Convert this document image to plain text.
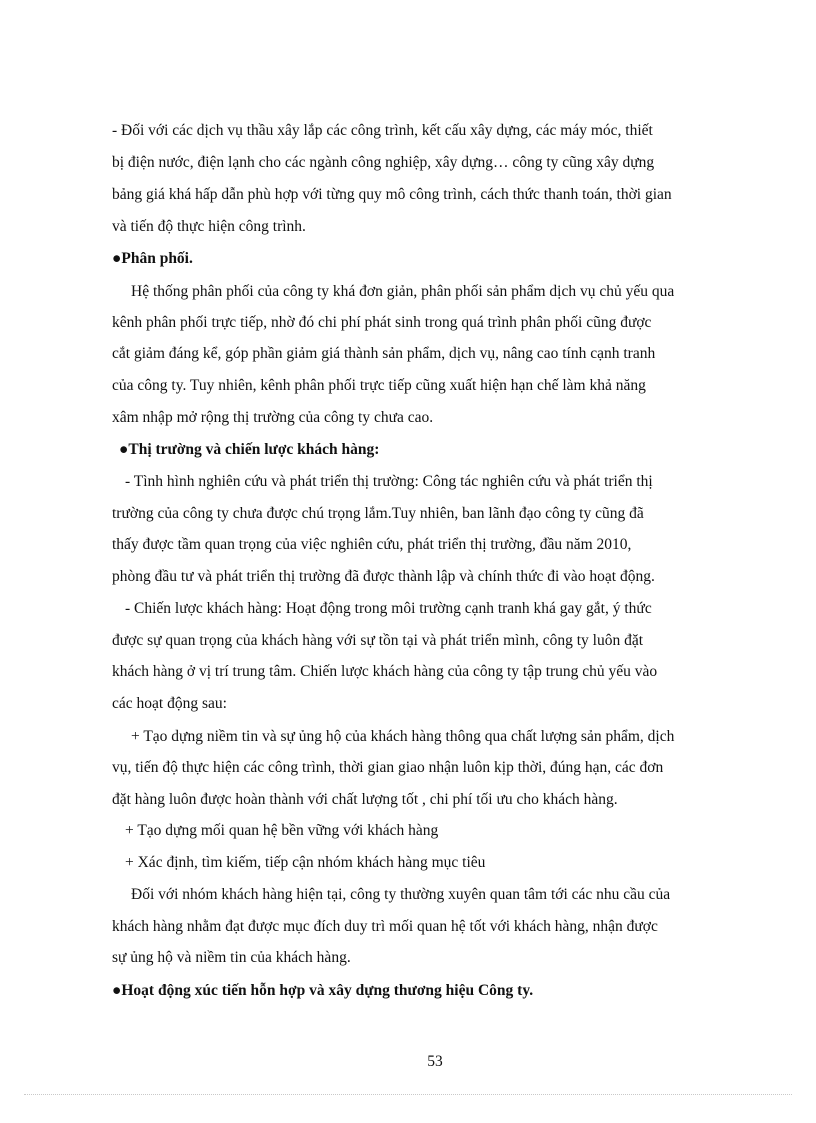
- Đối với các dịch vụ thầu xây lắp các công trình, kết cấu xây dựng, các máy móc, thiết
bị điện nước, điện lạnh cho các ngành công nghiệp, xây dựng… công ty cũng xây dựng
bảng giá khá hấp dẫn phù hợp với từng quy mô công trình, cách thức thanh toán, thời gian
và tiến độ thực hiện công trình.
●Phân phối.
Hệ thống phân phối của công ty khá đơn giản, phân phối sản phẩm dịch vụ chủ yếu qua
kênh phân phối trực tiếp, nhờ đó chi phí phát sinh trong quá trình phân phối cũng được
cắt giảm đáng kể, góp phần giảm giá thành sản phẩm, dịch vụ, nâng cao tính cạnh tranh
của công ty. Tuy nhiên, kênh phân phối trực tiếp cũng xuất hiện hạn chế làm khả năng
xâm nhập mở rộng thị trường của công ty chưa cao.
●Thị trường và chiến lược khách hàng:
- Tình hình nghiên cứu và phát triển thị trường: Công tác nghiên cứu và phát triển thị
trường của công ty chưa được chú trọng lắm.Tuy nhiên, ban lãnh đạo công ty cũng đã
thấy được tầm quan trọng của việc nghiên cứu, phát triển thị trường, đầu năm 2010,
phòng đầu tư và phát triển thị trường đã được thành lập và chính thức đi vào hoạt động.
- Chiến lược khách hàng: Hoạt động trong môi trường cạnh tranh khá gay gắt, ý thức
được sự quan trọng của khách hàng với sự tồn tại và phát triển mình, công ty luôn đặt
khách hàng ở vị trí trung tâm. Chiến lược khách hàng của công ty tập trung chủ yếu vào
các hoạt động sau:
+ Tạo dựng niềm tin và sự ủng hộ của khách hàng thông qua chất lượng sản phẩm, dịch
vụ, tiến độ thực hiện các công trình, thời gian giao nhận luôn kịp thời, đúng hạn, các đơn
đặt hàng luôn được hoàn thành với chất lượng tốt , chi phí tối ưu cho khách hàng.
+ Tạo dựng mối quan hệ bền vững với khách hàng
+ Xác định, tìm kiếm, tiếp cận nhóm khách hàng mục tiêu
Đối với nhóm khách hàng hiện tại, công ty thường xuyên quan tâm tới các nhu cầu của
khách hàng nhằm đạt được mục đích duy trì mối quan hệ tốt với khách hàng, nhận được
sự ủng hộ và niềm tin của khách hàng.
●Hoạt động xúc tiến hỗn hợp và xây dựng thương hiệu Công ty.
53
